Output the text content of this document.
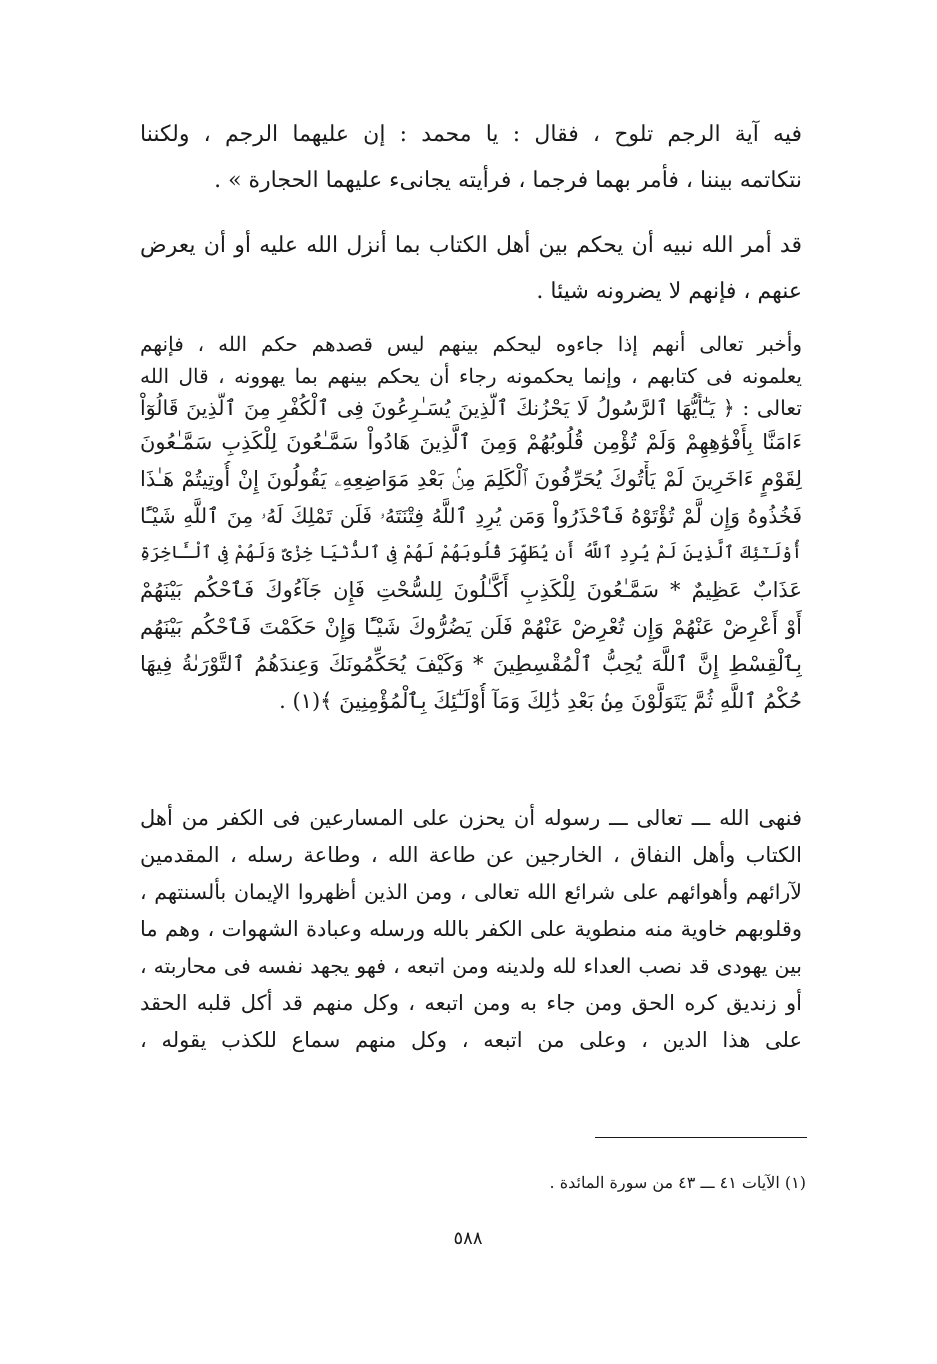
فيه آية الرجم تلوح ، فقال : يا محمد : إن عليهما الرجم ، ولكننا
نتكاتمه بيننا ، فأمر بهما فرجما ، فرأيته يجانىء عليهما الحجارة » .
قد أمر الله نبيه أن يحكم بين أهل الكتاب بما أنزل الله عليه أو أن يعرض
عنهم ، فإنهم لا يضرونه شيئا .
وأخبر تعالى أنهم إذا جاءوه ليحكم بينهم ليس قصدهم حكم الله ، فإنهم
يعلمونه فى كتابهم ، وإنما يحكمونه رجاء أن يحكم بينهم بما يهوونه ، قال الله
تعالى : ﴿ يَـٰٓأَيُّهَا ٱلرَّسُولُ لَا يَحْزُنكَ ٱلَّذِينَ يُسَـٰرِعُونَ فِى ٱلْكُفْرِ مِنَ ٱلَّذِينَ قَالُوٓاْ
ءَامَنَّا بِأَفْوَٰهِهِمْ وَلَمْ تُؤْمِن قُلُوبُهُمْ وَمِنَ ٱلَّذِينَ هَادُواْ سَمَّـٰعُونَ لِلْكَذِبِ سَمَّـٰعُونَ
لِقَوْمٍ ءَاخَرِينَ لَمْ يَأْتُوكَ يُحَرِّفُونَ ٱلْكَلِمَ مِنۢ بَعْدِ مَوَاضِعِهِۦ يَقُولُونَ إِنْ أُوتِيتُمْ هَـٰذَا
فَخُذُوهُ وَإِن لَّمْ تُؤْتَوْهُ فَٱحْذَرُواْ وَمَن يُرِدِ ٱللَّهُ فِتْنَتَهُۥ فَلَن تَمْلِكَ لَهُۥ مِنَ ٱللَّهِ شَيْـًٔا
أُوْلَـٰٓئِكَ ٱلَّذِينَ لَمْ يُرِدِ ٱللَّهُ أَن يُطَهِّرَ قُلُوبَهُمْ لَهُمْ فِى ٱلدُّنْيَا خِزْىٌ وَلَهُمْ فِى ٱلْـَٔاخِرَةِ
عَذَابٌ عَظِيمٌ * سَمَّـٰعُونَ لِلْكَذِبِ أَكَّـٰلُونَ لِلسُّحْتِ فَإِن جَآءُوكَ فَٱحْكُم بَيْنَهُمْ
أَوْ أَعْرِضْ عَنْهُمْ وَإِن تُعْرِضْ عَنْهُمْ فَلَن يَضُرُّوكَ شَيْـًٔا وَإِنْ حَكَمْتَ فَٱحْكُم بَيْنَهُم
بِٱلْقِسْطِ إِنَّ ٱللَّهَ يُحِبُّ ٱلْمُقْسِطِينَ * وَكَيْفَ يُحَكِّمُونَكَ وَعِندَهُمُ ٱلتَّوْرَىٰةُ فِيهَا
حُكْمُ ٱللَّهِ ثُمَّ يَتَوَلَّوْنَ مِنۢ بَعْدِ ذَٰلِكَ وَمَآ أُوْلَـٰٓئِكَ بِٱلْمُؤْمِنِينَ ﴾(١) .
فنهى الله ـــ تعالى ـــ رسوله أن يحزن على المسارعين فى الكفر من أهل
الكتاب وأهل النفاق ، الخارجين عن طاعة الله ، وطاعة رسله ، المقدمين
لآرائهم وأهوائهم على شرائع الله تعالى ، ومن الذين أظهروا الإيمان بألسنتهم ،
وقلوبهم خاوية منه منطوية على الكفر بالله ورسله وعبادة الشهوات ، وهم ما
بين يهودى قد نصب العداء لله ولدينه ومن اتبعه ، فهو يجهد نفسه فى محاربته ،
أو زنديق كره الحق ومن جاء به ومن اتبعه ، وكل منهم قد أكل قلبه الحقد
على هذا الدين ، وعلى من اتبعه ، وكل منهم سماع للكذب يقوله ،
(١) الآيات ٤١ ـــ ٤٣ من سورة المائدة .
٥٨٨
